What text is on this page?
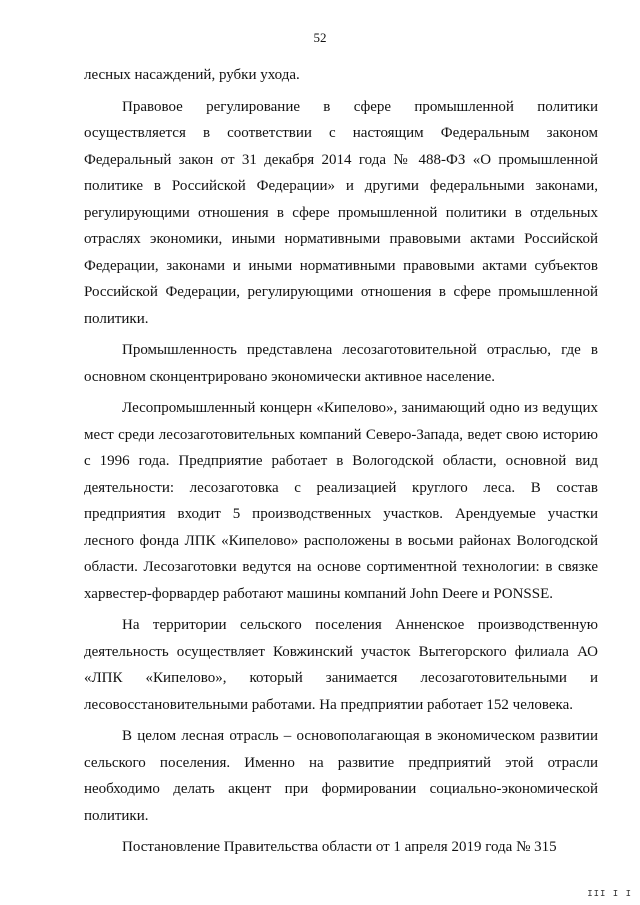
52

лесных насаждений, рубки ухода.

Правовое регулирование в сфере промышленной политики осуществляется в соответствии с настоящим Федеральным законом Федеральный закон от 31 декабря 2014 года № 488-ФЗ «О промышленной политике в Российской Федерации» и другими федеральными законами, регулирующими отношения в сфере промышленной политики в отдельных отраслях экономики, иными нормативными правовыми актами Российской Федерации, законами и иными нормативными правовыми актами субъектов Российской Федерации, регулирующими отношения в сфере промышленной политики.

Промышленность представлена лесозаготовительной отраслью, где в основном сконцентрировано экономически активное население.

Лесопромышленный концерн «Кипелово», занимающий одно из ведущих мест среди лесозаготовительных компаний Северо-Запада, ведет свою историю с 1996 года. Предприятие работает в Вологодской области, основной вид деятельности: лесозаготовка с реализацией круглого леса. В состав предприятия входит 5 производственных участков. Арендуемые участки лесного фонда ЛПК «Кипелово» расположены в восьми районах Вологодской области. Лесозаготовки ведутся на основе сортиментной технологии: в связке харвестер-форвардер работают машины компаний John Deere и PONSSE.

На территории сельского поселения Анненское производственную деятельность осуществляет Ковжинский участок Вытегорского филиала АО «ЛПК «Кипелово», который занимается лесозаготовительными и лесовосстановительными работами. На предприятии работает 152 человека.

В целом лесная отрасль – основополагающая в экономическом развитии сельского поселения. Именно на развитие предприятий этой отрасли необходимо делать акцент при формировании социально-экономической политики.

Постановление Правительства области от 1 апреля 2019 года № 315

III I I
